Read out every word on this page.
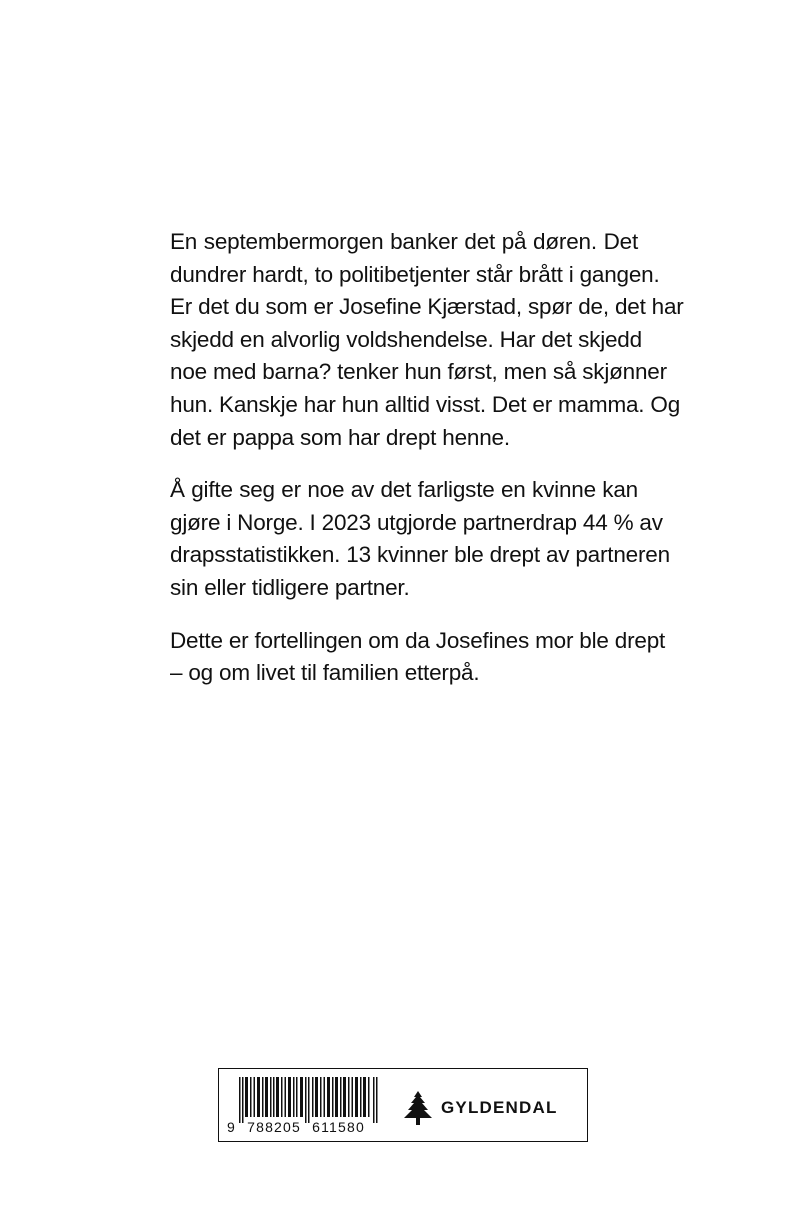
En septembermorgen banker det på døren. Det
dundrer hardt, to politibetjenter står brått i gangen.
Er det du som er Josefine Kjærstad, spør de, det har
skjedd en alvorlig voldshendelse. Har det skjedd
noe med barna? tenker hun først, men så skjønner
hun. Kanskje har hun alltid visst. Det er mamma. Og
det er pappa som har drept henne.

Å gifte seg er noe av det farligste en kvinne kan
gjøre i Norge. I 2023 utgjorde partnerdrap 44 % av
drapsstatistikken. 13 kvinner ble drept av partneren
sin eller tidligere partner.

Dette er fortellingen om da Josefines mor ble drept
– og om livet til familien etterpå.

9 788205 611580
GYLDENDAL
